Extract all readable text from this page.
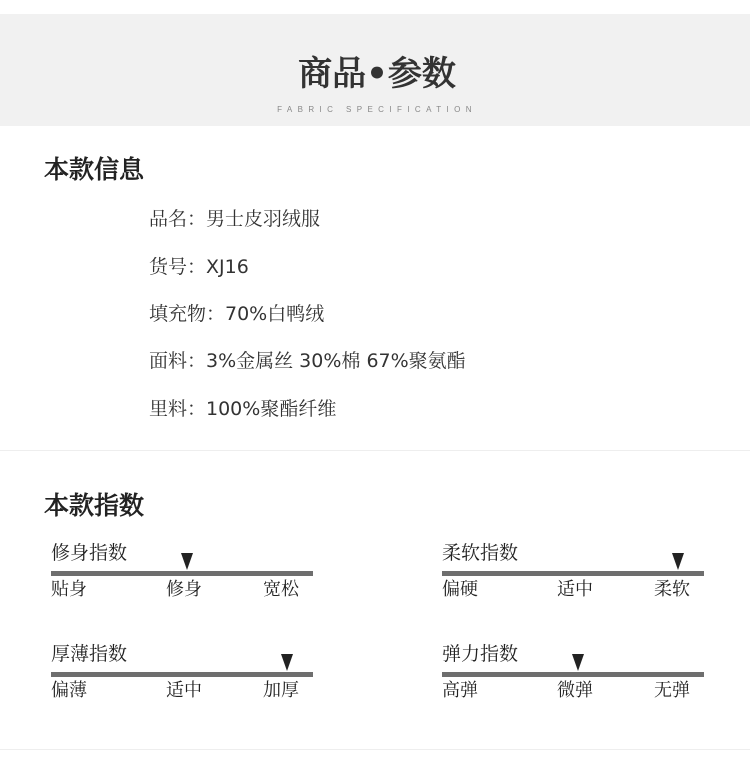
商品•参数
FABRIC SPECIFICATION
本款信息
品名：男士皮羽绒服
货号：XJ16
填充物：70%白鸭绒
面料：3%金属丝 30%棉 67%聚氨酯
里料：100%聚酯纤维
本款指数
修身指数
贴身	修身	宽松
柔软指数
偏硬	适中	柔软
厚薄指数
偏薄	适中	加厚
弹力指数
高弹	微弹	无弹
